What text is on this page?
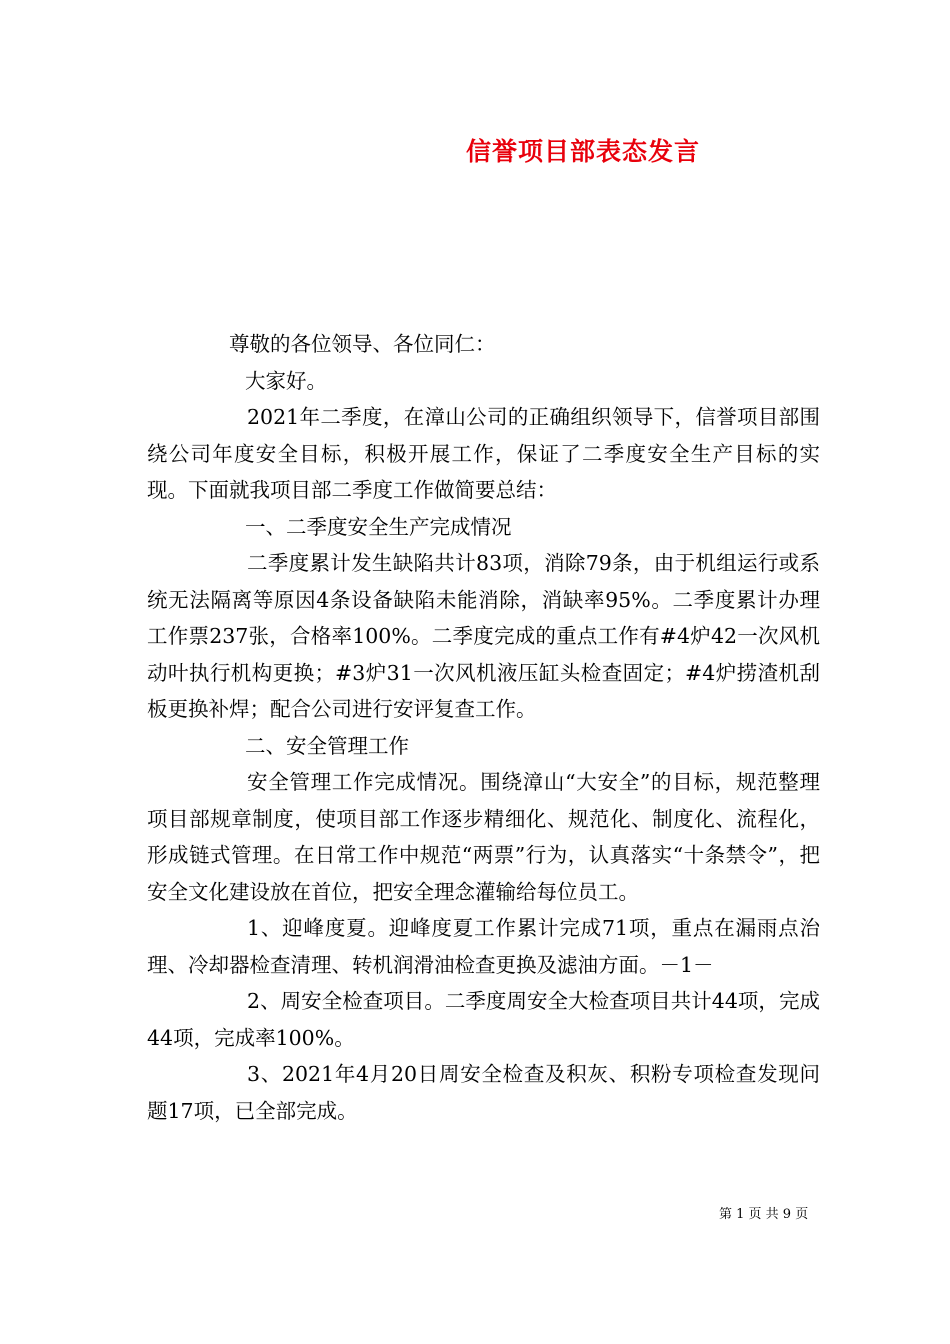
信誉项目部表态发言

尊敬的各位领导、各位同仁：

大家好。

2021年二季度，在漳山公司的正确组织领导下，信誉项目部围绕公司年度安全目标，积极开展工作，保证了二季度安全生产目标的实现。下面就我项目部二季度工作做简要总结：

一、二季度安全生产完成情况

二季度累计发生缺陷共计83项，消除79条，由于机组运行或系统无法隔离等原因4条设备缺陷未能消除，消缺率95%。二季度累计办理工作票237张，合格率100%。二季度完成的重点工作有#4炉42一次风机动叶执行机构更换；#3炉31一次风机液压缸头检查固定；#4炉捞渣机刮板更换补焊；配合公司进行安评复查工作。

二、安全管理工作

安全管理工作完成情况。围绕漳山“大安全”的目标，规范整理项目部规章制度，使项目部工作逐步精细化、规范化、制度化、流程化，形成链式管理。在日常工作中规范“两票”行为，认真落实“十条禁令”，把安全文化建设放在首位，把安全理念灌输给每位员工。

1、迎峰度夏。迎峰度夏工作累计完成71项，重点在漏雨点治理、冷却器检查清理、转机润滑油检查更换及滤油方面。－1－

2、周安全检查项目。二季度周安全大检查项目共计44项，完成44项，完成率100%。

3、2021年4月20日周安全检查及积灰、积粉专项检查发现问题17项，已全部完成。

第 1 页 共 9 页
